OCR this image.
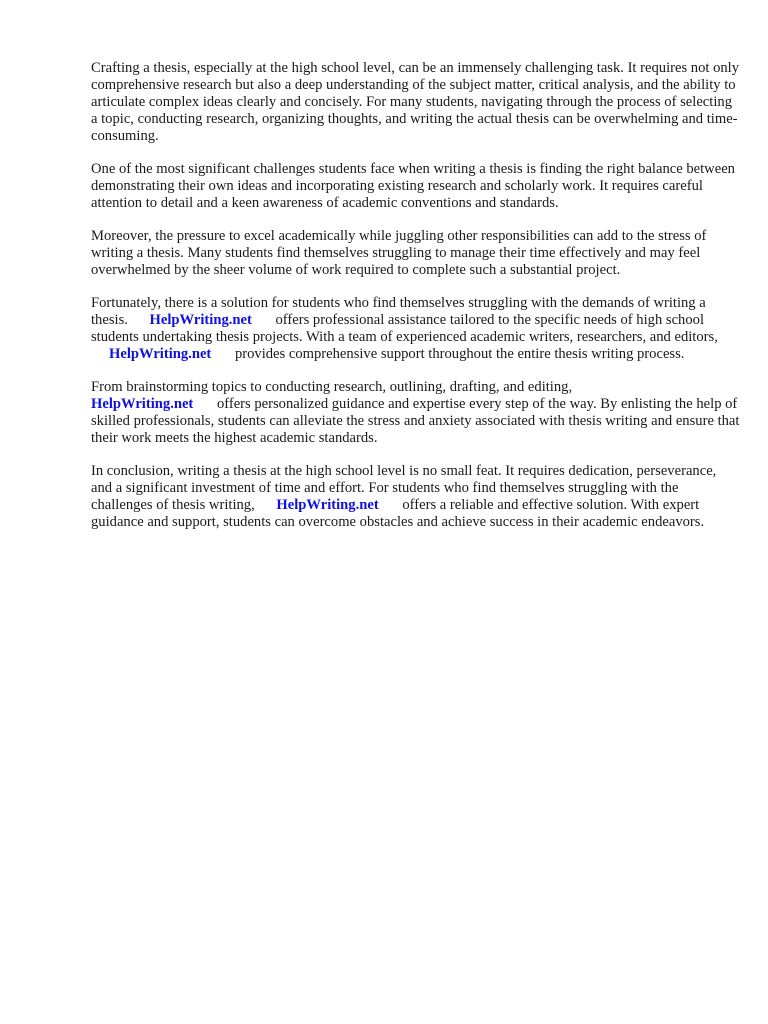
Crafting a thesis, especially at the high school level, can be an immensely challenging task. It requires not only comprehensive research but also a deep understanding of the subject matter, critical analysis, and the ability to articulate complex ideas clearly and concisely. For many students, navigating through the process of selecting a topic, conducting research, organizing thoughts, and writing the actual thesis can be overwhelming and time-consuming.

One of the most significant challenges students face when writing a thesis is finding the right balance between demonstrating their own ideas and incorporating existing research and scholarly work. It requires careful attention to detail and a keen awareness of academic conventions and standards.

Moreover, the pressure to excel academically while juggling other responsibilities can add to the stress of writing a thesis. Many students find themselves struggling to manage their time effectively and may feel overwhelmed by the sheer volume of work required to complete such a substantial project.

Fortunately, there is a solution for students who find themselves struggling with the demands of writing a thesis. HelpWriting.net offers professional assistance tailored to the specific needs of high school students undertaking thesis projects. With a team of experienced academic writers, researchers, and editors, HelpWriting.net provides comprehensive support throughout the entire thesis writing process.

From brainstorming topics to conducting research, outlining, drafting, and editing,
HelpWriting.net offers personalized guidance and expertise every step of the way. By enlisting the help of skilled professionals, students can alleviate the stress and anxiety associated with thesis writing and ensure that their work meets the highest academic standards.

In conclusion, writing a thesis at the high school level is no small feat. It requires dedication, perseverance, and a significant investment of time and effort. For students who find themselves struggling with the challenges of thesis writing, HelpWriting.net offers a reliable and effective solution. With expert guidance and support, students can overcome obstacles and achieve success in their academic endeavors.
